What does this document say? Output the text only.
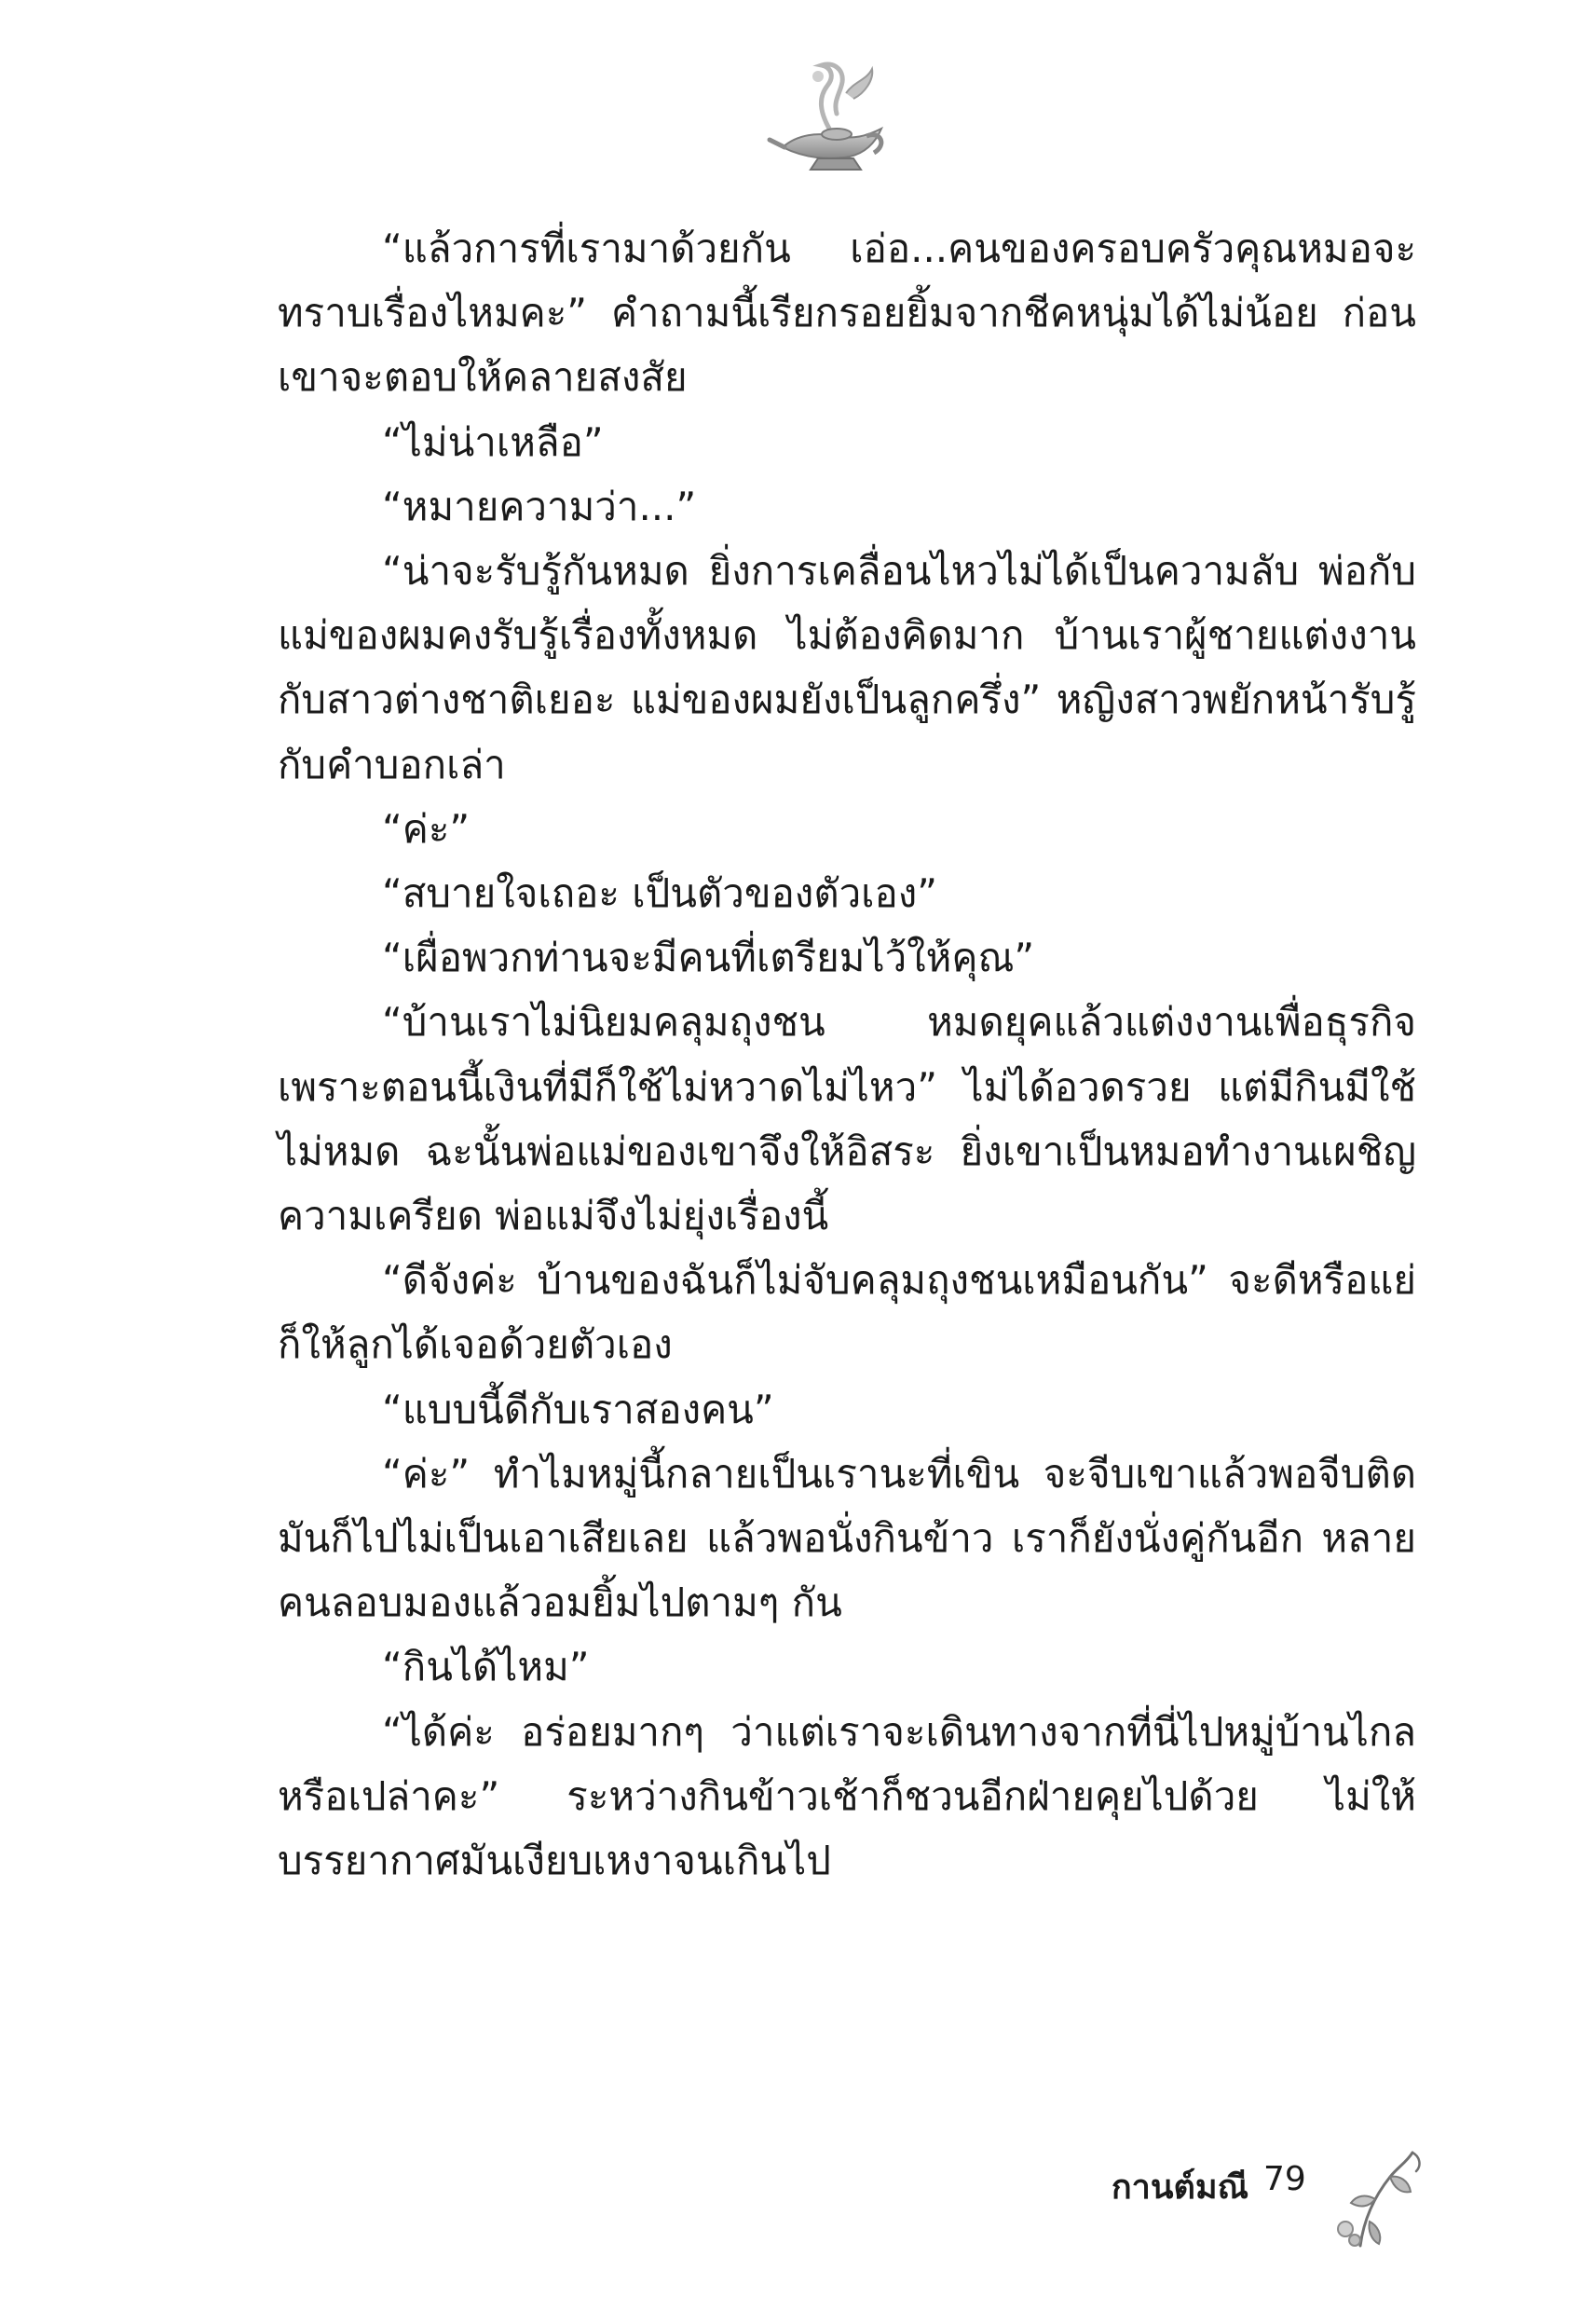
“แล้วการที่เรามาด้วยกัน เอ่อ...คนของครอบครัวคุณหมอจะทราบเรื่องไหมคะ” คำถามนี้เรียกรอยยิ้มจากชีคหนุ่มได้ไม่น้อย ก่อนเขาจะตอบให้คลายสงสัย

“ไม่น่าเหลือ”

“หมายความว่า...”

“น่าจะรับรู้กันหมด ยิ่งการเคลื่อนไหวไม่ได้เป็นความลับ พ่อกับแม่ของผมคงรับรู้เรื่องทั้งหมด ไม่ต้องคิดมาก บ้านเราผู้ชายแต่งงานกับสาวต่างชาติเยอะ แม่ของผมยังเป็นลูกครึ่ง” หญิงสาวพยักหน้ารับรู้กับคำบอกเล่า

“ค่ะ”

“สบายใจเถอะ เป็นตัวของตัวเอง”

“เผื่อพวกท่านจะมีคนที่เตรียมไว้ให้คุณ”

“บ้านเราไม่นิยมคลุมถุงชน หมดยุคแล้วแต่งงานเพื่อธุรกิจ เพราะตอนนี้เงินที่มีก็ใช้ไม่หวาดไม่ไหว” ไม่ได้อวดรวย แต่มีกินมีใช้ไม่หมด ฉะนั้นพ่อแม่ของเขาจึงให้อิสระ ยิ่งเขาเป็นหมอทำงานเผชิญความเครียด พ่อแม่จึงไม่ยุ่งเรื่องนี้

“ดีจังค่ะ บ้านของฉันก็ไม่จับคลุมถุงชนเหมือนกัน” จะดีหรือแย่ก็ให้ลูกได้เจอด้วยตัวเอง

“แบบนี้ดีกับเราสองคน”

“ค่ะ” ทำไมหมู่นี้กลายเป็นเรานะที่เขิน จะจีบเขาแล้วพอจีบติดมันก็ไปไม่เป็นเอาเสียเลย แล้วพอนั่งกินข้าว เราก็ยังนั่งคู่กันอีก หลายคนลอบมองแล้วอมยิ้มไปตามๆ กัน

“กินได้ไหม”

“ได้ค่ะ อร่อยมากๆ ว่าแต่เราจะเดินทางจากที่นี่ไปหมู่บ้านไกลหรือเปล่าคะ” ระหว่างกินข้าวเช้าก็ชวนอีกฝ่ายคุยไปด้วย ไม่ให้บรรยากาศมันเงียบเหงาจนเกินไป

กานต์มณี 79
